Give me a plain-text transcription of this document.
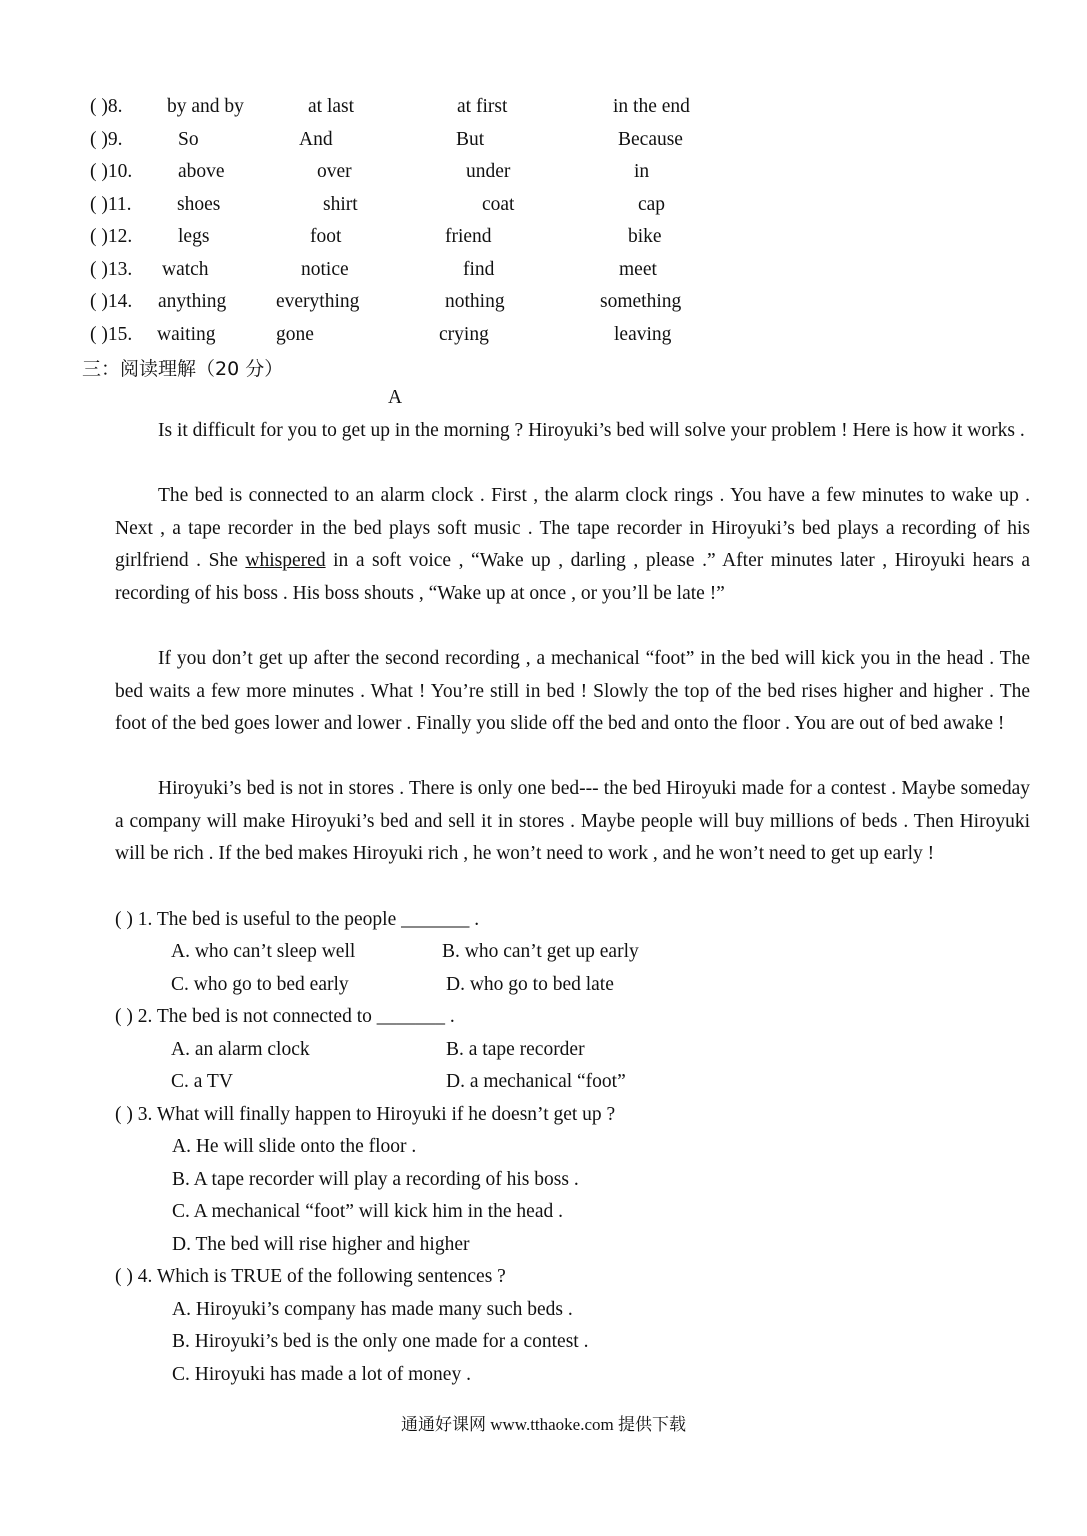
( )8. by and by	at last	at first	in the end
( )9.	So	And	But	Because
( )10. above	over	under	in
( )11. shoes	shirt	coat	cap
( )12. legs	foot	friend	bike
( )13. watch	notice	find	meet
( )14. anything	everything	nothing	something
( )15. waiting	gone	crying	leaving
三：阅读理解（20 分）
A
Is it difficult for you to get up in the morning ? Hiroyuki’s bed will solve your problem ! Here is how it works .
The bed is connected to an alarm clock . First , the alarm clock rings . You have a few minutes to wake up . Next , a tape recorder in the bed plays soft music . The tape recorder in Hiroyuki’s bed plays a recording of his girlfriend . She whispered in a soft voice , “Wake up , darling , please .” After minutes later , Hiroyuki hears a recording of his boss . His boss shouts , “Wake up at once , or you’ll be late !”
If you don’t get up after the second recording , a mechanical “foot” in the bed will kick you in the head . The bed waits a few more minutes . What ! You’re still in bed ! Slowly the top of the bed rises higher and higher . The foot of the bed goes lower and lower . Finally you slide off the bed and onto the floor . You are out of bed awake !
Hiroyuki’s bed is not in stores . There is only one bed--- the bed Hiroyuki made for a contest . Maybe someday a company will make Hiroyuki’s bed and sell it in stores . Maybe people will buy millions of beds . Then Hiroyuki will be rich . If the bed makes Hiroyuki rich , he won’t need to work , and he won’t need to get up early !
( ) 1. The bed is useful to the people _______ .
A. who can’t sleep well	B. who can’t get up early
C. who go to bed early	D. who go to bed late
( ) 2. The bed is not connected to _______ .
A. an alarm clock	B. a tape recorder
C. a TV	D. a mechanical “foot”
( ) 3. What will finally happen to Hiroyuki if he doesn’t get up ?
A. He will slide onto the floor .
B. A tape recorder will play a recording of his boss .
C. A mechanical “foot” will kick him in the head .
D. The bed will rise higher and higher
( ) 4. Which is TRUE of the following sentences ?
A. Hiroyuki’s company has made many such beds .
B. Hiroyuki’s bed is the only one made for a contest .
C. Hiroyuki has made a lot of money .
通通好课网 www.tthaoke.com 提供下载
